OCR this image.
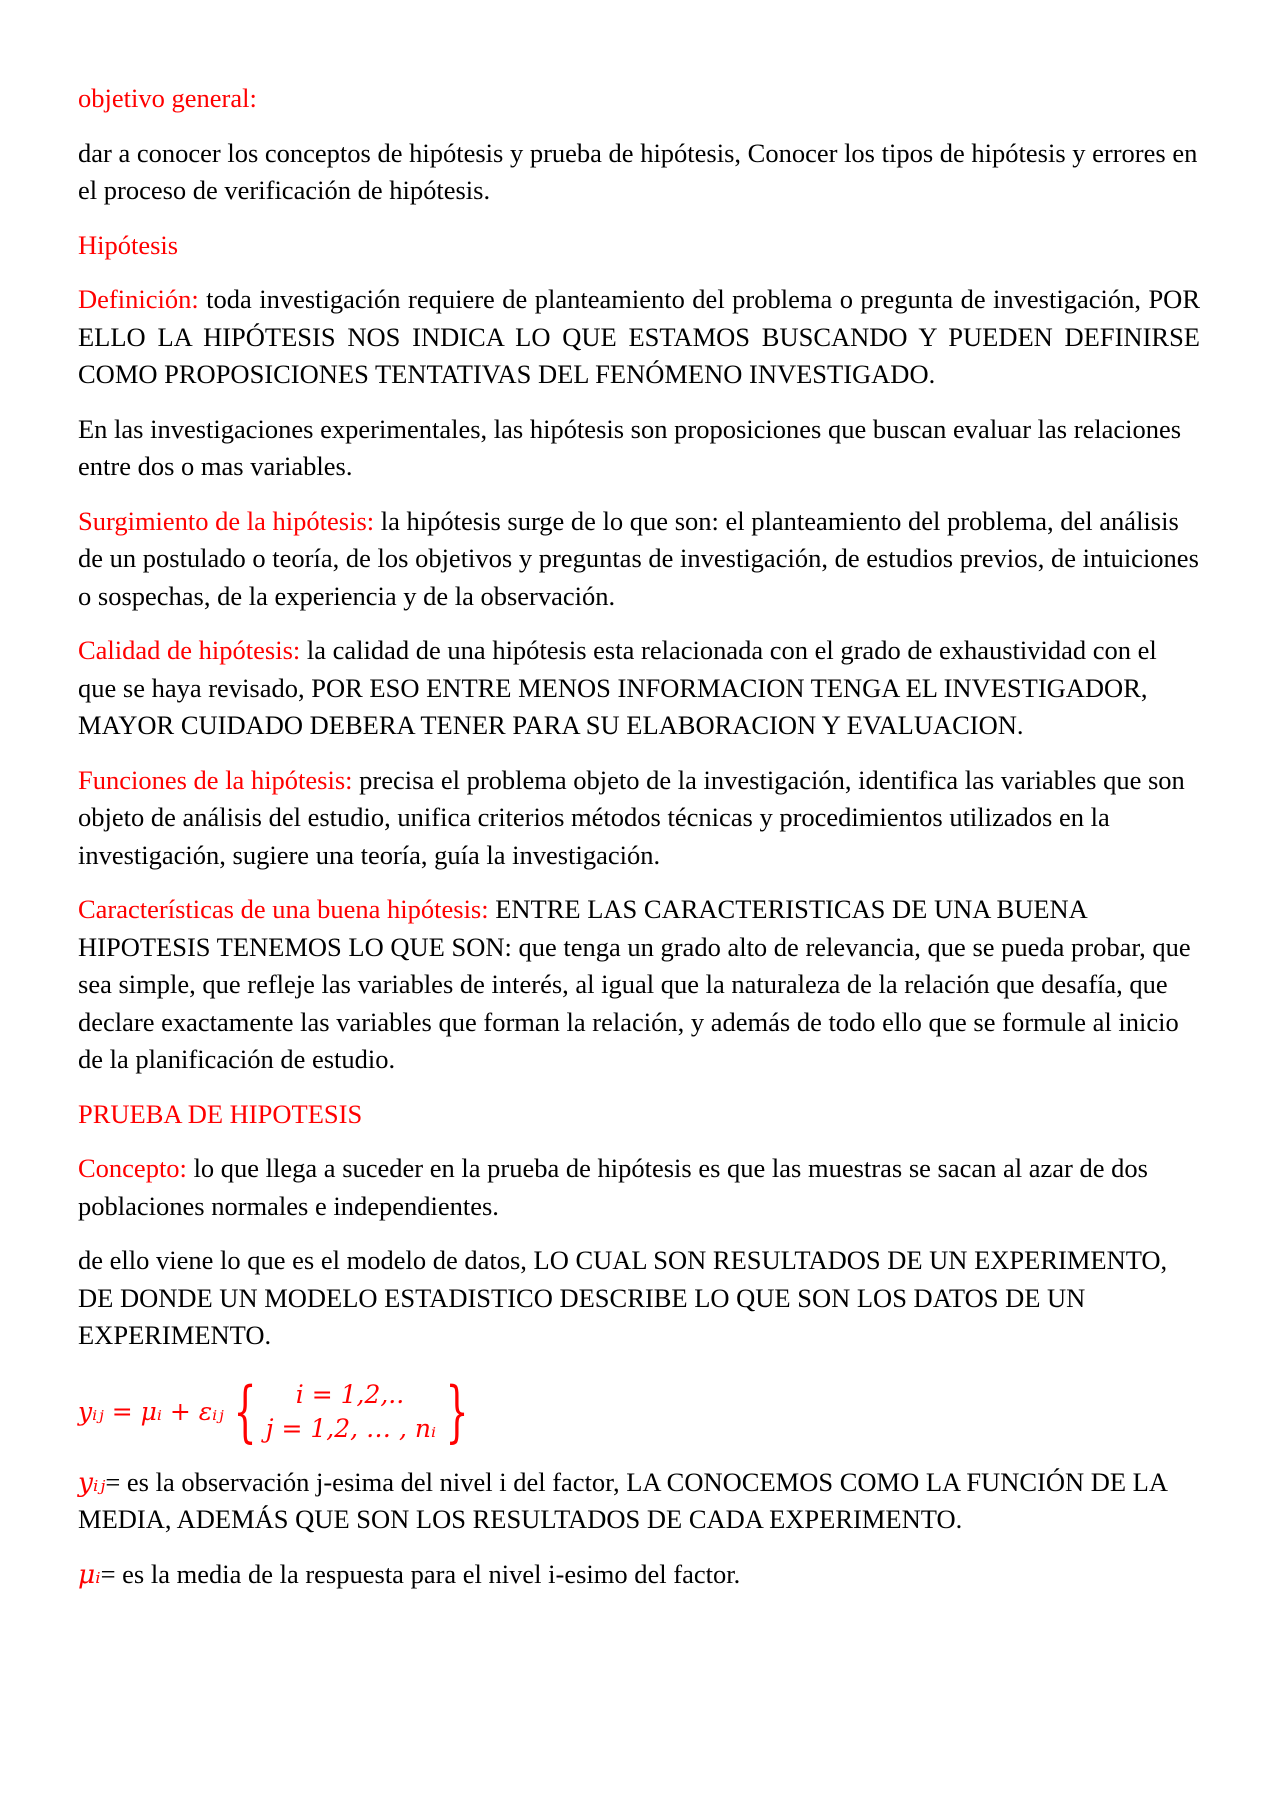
objetivo general:

dar a conocer los conceptos de hipótesis y prueba de hipótesis, Conocer los tipos de hipótesis y errores en el proceso de verificación de hipótesis.

Hipótesis

Definición: toda investigación requiere de planteamiento del problema o pregunta de investigación, POR ELLO LA HIPÓTESIS NOS INDICA LO QUE ESTAMOS BUSCANDO Y PUEDEN DEFINIRSE COMO PROPOSICIONES TENTATIVAS DEL FENÓMENO INVESTIGADO.

En las investigaciones experimentales, las hipótesis son proposiciones que buscan evaluar las relaciones entre dos o mas variables.

Surgimiento de la hipótesis: la hipótesis surge de lo que son: el planteamiento del problema, del análisis de un postulado o teoría, de los objetivos y preguntas de investigación, de estudios previos, de intuiciones o sospechas, de la experiencia y de la observación.

Calidad de hipótesis: la calidad de una hipótesis esta relacionada con el grado de exhaustividad con el que se haya revisado, POR ESO ENTRE MENOS INFORMACION TENGA EL INVESTIGADOR, MAYOR CUIDADO DEBERA TENER PARA SU ELABORACION Y EVALUACION.

Funciones de la hipótesis: precisa el problema objeto de la investigación, identifica las variables que son objeto de análisis del estudio, unifica criterios métodos técnicas y procedimientos utilizados en la investigación, sugiere una teoría, guía la investigación.

Características de una buena hipótesis: ENTRE LAS CARACTERISTICAS DE UNA BUENA HIPOTESIS TENEMOS LO QUE SON: que tenga un grado alto de relevancia, que se pueda probar, que sea simple, que refleje las variables de interés, al igual que la naturaleza de la relación que desafía, que declare exactamente las variables que forman la relación, y además de todo ello que se formule al inicio de la planificación de estudio.

PRUEBA DE HIPOTESIS

Concepto: lo que llega a suceder en la prueba de hipótesis es que las muestras se sacan al azar de dos poblaciones normales e independientes.

de ello viene lo que es el modelo de datos, LO CUAL SON RESULTADOS DE UN EXPERIMENTO, DE DONDE UN MODELO ESTADISTICO DESCRIBE LO QUE SON LOS DATOS DE UN EXPERIMENTO.

yᵢⱼ = μᵢ + εᵢⱼ {	i = 1,2,..
j = 1,2, … , nᵢ }

yᵢⱼ= es la observación j-esima del nivel i del factor, LA CONOCEMOS COMO LA FUNCIÓN DE LA MEDIA, ADEMÁS QUE SON LOS RESULTADOS DE CADA EXPERIMENTO.

μᵢ= es la media de la respuesta para el nivel i-esimo del factor.
